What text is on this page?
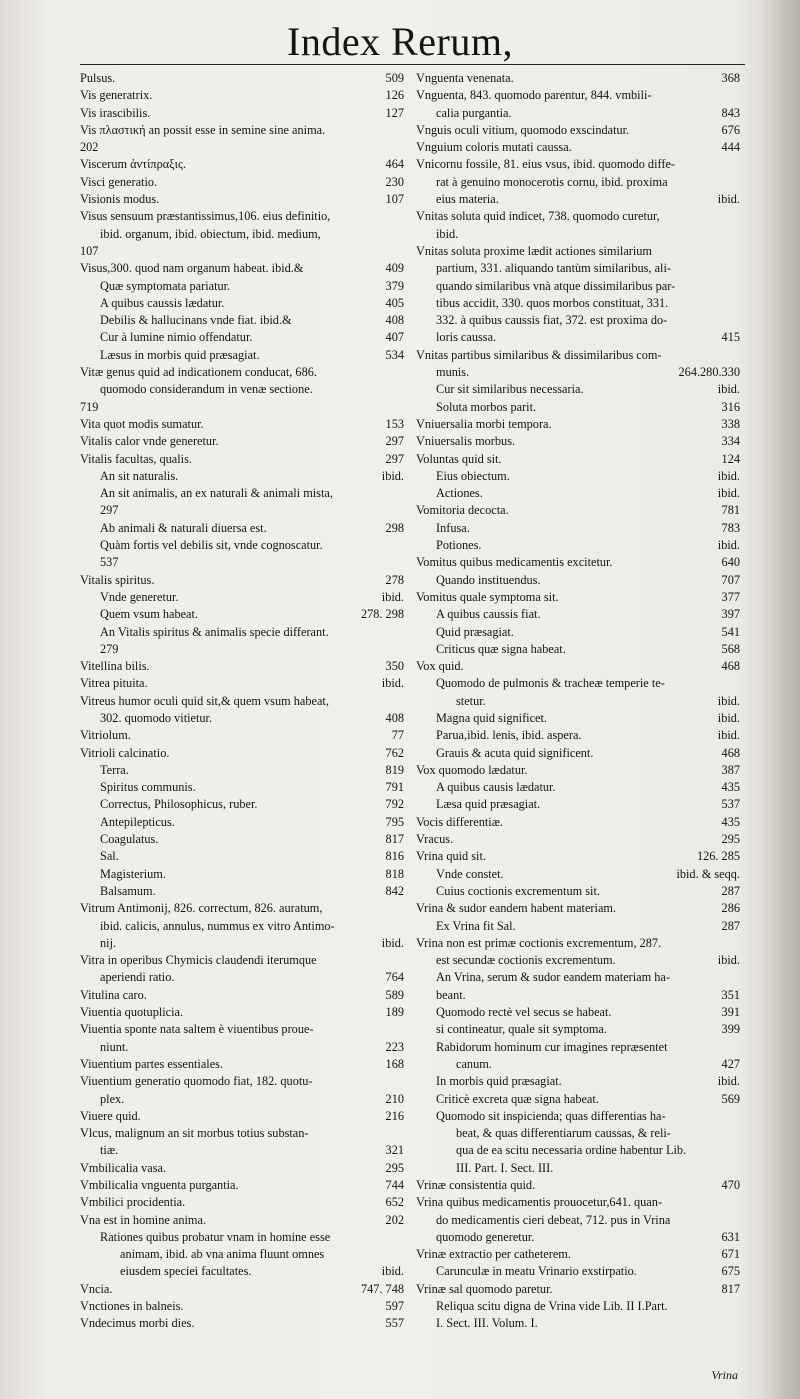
Index Rerum,
Pulsus.	509
Vis generatrix.	126
Vis irascibilis.	127
Vis πλαστική an possit esse in semine sine anima.
202
Viscerum ἀντίπραξις.	464
Visci generatio.	230
Visionis modus.	107
Visus sensuum præstantissimus,106. eius definitio,
ibid. organum, ibid. obiectum, ibid. medium,
107
Visus,300. quod nam organum habeat. ibid.&	409
Quæ symptomata pariatur.	379
A quibus caussis lædatur.	405
Debilis & hallucinans vnde fiat. ibid.&	408
Cur à lumine nimio offendatur.	407
Læsus in morbis quid præsagiat.	534
Vitæ genus quid ad indicationem conducat, 686.
quomodo considerandum in venæ sectione.
719
Vita quot modis sumatur.	153
Vitalis calor vnde generetur.	297
Vitalis facultas, qualis.	297
An sit naturalis.	ibid.
An sit animalis, an ex naturali & animali mista,
297
Ab animali & naturali diuersa est.	298
Quàm fortis vel debilis sit, vnde cognoscatur.
537
Vitalis spiritus.	278
Vnde generetur.	ibid.
Quem vsum habeat.	278. 298
An Vitalis spiritus & animalis specie differant.
279
Vitellina bilis.	350
Vitrea pituita.	ibid.
Vitreus humor oculi quid sit,& quem vsum habeat,
302. quomodo vitietur.	408
Vitriolum.	77
Vitrioli calcinatio.	762
Terra.	819
Spiritus communis.	791
Correctus, Philosophicus, ruber.	792
Antepilepticus.	795
Coagulatus.	817
Sal.	816
Magisterium.	818
Balsamum.	842
Vitrum Antimonij, 826. correctum, 826. auratum,
ibid. calicis, annulus, nummus ex vitro Antimo-
nij.	ibid.
Vitra in operibus Chymicis claudendi iterumque
aperiendi ratio.	764
Vitulina caro.	589
Viuentia quotuplicia.	189
Viuentia sponte nata saltem è viuentibus proue-
niunt.	223
Viuentium partes essentiales.	168
Viuentium generatio quomodo fiat, 182. quotu-
plex.	210
Viuere quid.	216
Vlcus, malignum an sit morbus totius substan-
tiæ.	321
Vmbilicalia vasa.	295
Vmbilicalia vnguenta purgantia.	744
Vmbilici procidentia.	652
Vna est in homine anima.	202
Rationes quibus probatur vnam in homine esse
animam, ibid. ab vna anima fluunt omnes
eiusdem speciei facultates.	ibid.
Vncia.	747. 748
Vnctiones in balneis.	597
Vndecimus morbi dies.	557
Vnguenta venenata.	368
Vnguenta, 843. quomodo parentur, 844. vmbili-
calia purgantia.	843
Vnguis oculi vitium, quomodo exscindatur.	676
Vnguium coloris mutati caussa.	444
Vnicornu fossile, 81. eius vsus, ibid. quomodo diffe-
rat à genuino monocerotis cornu, ibid. proxima
eius materia.	ibid.
Vnitas soluta quid indicet, 738. quomodo curetur,
ibid.
Vnitas soluta proxime lædit actiones similarium
partium, 331. aliquando tantùm similaribus, ali-
quando similaribus vnà atque dissimilaribus par-
tibus accidit, 330. quos morbos constituat, 331.
332. à quibus caussis fiat, 372. est proxima do-
loris caussa.	415
Vnitas partibus similaribus & dissimilaribus com-
munis.	264.280.330
Cur sit similaribus necessaria.	ibid.
Soluta morbos parit.	316
Vniuersalia morbi tempora.	338
Vniuersalis morbus.	334
Voluntas quid sit.	124
Eius obiectum.	ibid.
Actiones.	ibid.
Vomitoria decocta.	781
Infusa.	783
Potiones.	ibid.
Vomitus quibus medicamentis excitetur.	640
Quando instituendus.	707
Vomitus quale symptoma sit.	377
A quibus caussis fiat.	397
Quid præsagiat.	541
Criticus quæ signa habeat.	568
Vox quid.	468
Quomodo de pulmonis & tracheæ temperie te-
stetur.	ibid.
Magna quid significet.	ibid.
Parua,ibid. lenis, ibid. aspera.	ibid.
Grauis & acuta quid significent.	468
Vox quomodo lædatur.	387
A quibus causis lædatur.	435
Læsa quid præsagiat.	537
Vocis differentiæ.	435
Vracus.	295
Vrina quid sit.	126. 285
Vnde constet.	ibid. & seqq.
Cuius coctionis excrementum sit.	287
Vrina & sudor eandem habent materiam.	286
Ex Vrina fit Sal.	287
Vrina non est primæ coctionis excrementum, 287.
est secundæ coctionis excrementum.	ibid.
An Vrina, serum & sudor eandem materiam ha-
beant.	351
Quomodo rectè vel secus se habeat.	391
si contineatur, quale sit symptoma.	399
Rabidorum hominum cur imagines repræsentet
canum.	427
In morbis quid præsagiat.	ibid.
Criticè excreta quæ signa habeat.	569
Quomodo sit inspicienda; quas differentias ha-
beat, & quas differentiarum caussas, & reli-
qua de ea scitu necessaria ordine habentur Lib.
III. Part. I. Sect. III.
Vrinæ consistentia quid.	470
Vrina quibus medicamentis prouocetur,641. quan-
do medicamentis cieri debeat, 712. pus in Vrina
quomodo generetur.	631
Vrinæ extractio per catheterem.	671
Carunculæ in meatu Vrinario exstirpatio.	675
Vrinæ sal quomodo paretur.	817
Reliqua scitu digna de Vrina vide Lib. II I.Part.
I. Sect. III. Volum. I.
Vrina
